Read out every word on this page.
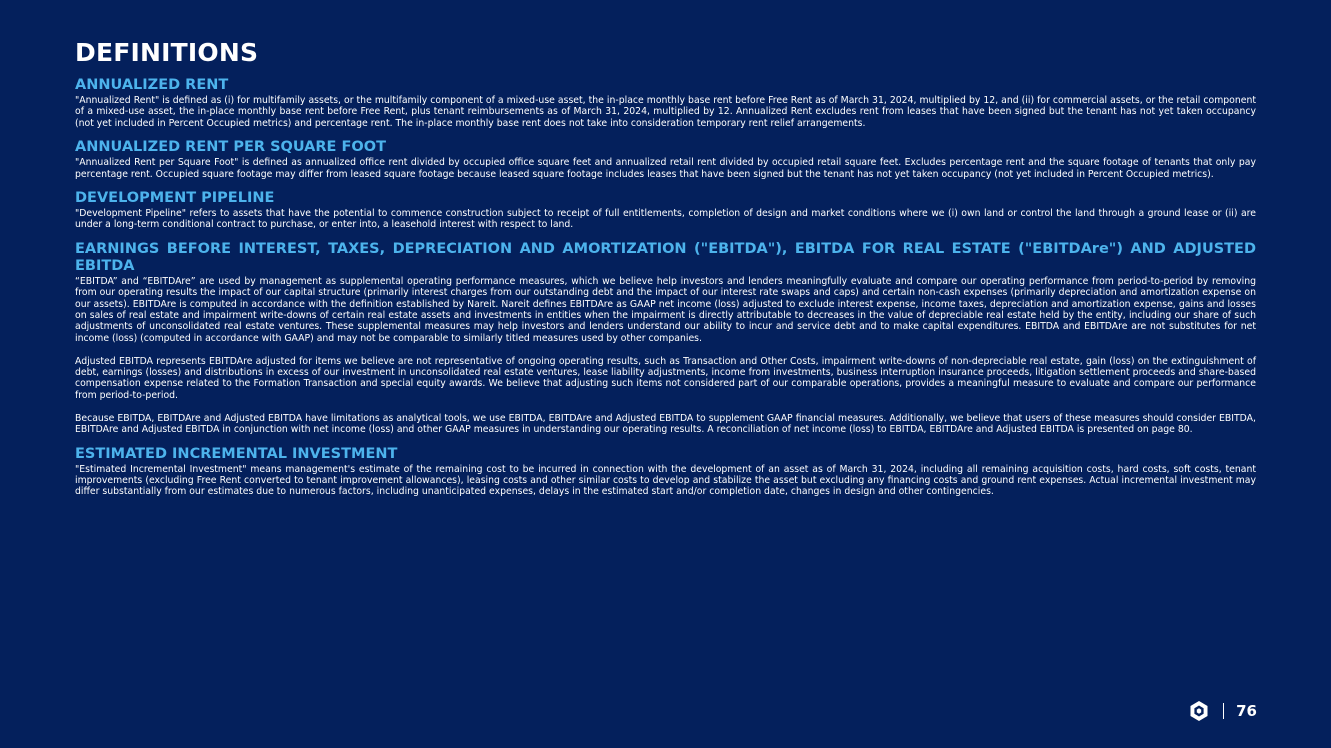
DEFINITIONS
ANNUALIZED RENT

"Annualized Rent" is defined as (i) for multifamily assets, or the multifamily component of a mixed-use asset, the in-place monthly base rent before Free Rent as of March 31, 2024, multiplied by 12, and (ii) for commercial assets, or the retail component of a mixed-use asset, the in-place monthly base rent before Free Rent, plus tenant reimbursements as of March 31, 2024, multiplied by 12. Annualized Rent excludes rent from leases that have been signed but the tenant has not yet taken occupancy (not yet included in Percent Occupied metrics) and percentage rent. The in-place monthly base rent does not take into consideration temporary rent relief arrangements.

ANNUALIZED RENT PER SQUARE FOOT

"Annualized Rent per Square Foot" is defined as annualized office rent divided by occupied office square feet and annualized retail rent divided by occupied retail square feet. Excludes percentage rent and the square footage of tenants that only pay percentage rent. Occupied square footage may differ from leased square footage because leased square footage includes leases that have been signed but the tenant has not yet taken occupancy (not yet included in Percent Occupied metrics).

DEVELOPMENT PIPELINE

"Development Pipeline" refers to assets that have the potential to commence construction subject to receipt of full entitlements, completion of design and market conditions where we (i) own land or control the land through a ground lease or (ii) are under a long-term conditional contract to purchase, or enter into, a leasehold interest with respect to land.

EARNINGS BEFORE INTEREST, TAXES, DEPRECIATION AND AMORTIZATION ("EBITDA"), EBITDA FOR REAL ESTATE ("EBITDAre") AND ADJUSTED EBITDA

“EBITDA” and “EBITDAre” are used by management as supplemental operating performance measures, which we believe help investors and lenders meaningfully evaluate and compare our operating performance from period-to-period by removing from our operating results the impact of our capital structure (primarily interest charges from our outstanding debt and the impact of our interest rate swaps and caps) and certain non-cash expenses (primarily depreciation and amortization expense on our assets). EBITDAre is computed in accordance with the definition established by Nareit. Nareit defines EBITDAre as GAAP net income (loss) adjusted to exclude interest expense, income taxes, depreciation and amortization expense, gains and losses on sales of real estate and impairment write-downs of certain real estate assets and investments in entities when the impairment is directly attributable to decreases in the value of depreciable real estate held by the entity, including our share of such adjustments of unconsolidated real estate ventures. These supplemental measures may help investors and lenders understand our ability to incur and service debt and to make capital expenditures. EBITDA and EBITDAre are not substitutes for net income (loss) (computed in accordance with GAAP) and may not be comparable to similarly titled measures used by other companies.

Adjusted EBITDA represents EBITDAre adjusted for items we believe are not representative of ongoing operating results, such as Transaction and Other Costs, impairment write-downs of non-depreciable real estate, gain (loss) on the extinguishment of debt, earnings (losses) and distributions in excess of our investment in unconsolidated real estate ventures, lease liability adjustments, income from investments, business interruption insurance proceeds, litigation settlement proceeds and share-based compensation expense related to the Formation Transaction and special equity awards. We believe that adjusting such items not considered part of our comparable operations, provides a meaningful measure to evaluate and compare our performance from period-to-period.

Because EBITDA, EBITDAre and Adjusted EBITDA have limitations as analytical tools, we use EBITDA, EBITDAre and Adjusted EBITDA to supplement GAAP financial measures. Additionally, we believe that users of these measures should consider EBITDA, EBITDAre and Adjusted EBITDA in conjunction with net income (loss) and other GAAP measures in understanding our operating results. A reconciliation of net income (loss) to EBITDA, EBITDAre and Adjusted EBITDA is presented on page 80.

ESTIMATED INCREMENTAL INVESTMENT

"Estimated Incremental Investment" means management's estimate of the remaining cost to be incurred in connection with the development of an asset as of March 31, 2024, including all remaining acquisition costs, hard costs, soft costs, tenant improvements (excluding Free Rent converted to tenant improvement allowances), leasing costs and other similar costs to develop and stabilize the asset but excluding any financing costs and ground rent expenses. Actual incremental investment may differ substantially from our estimates due to numerous factors, including unanticipated expenses, delays in the estimated start and/or completion date, changes in design and other contingencies.

76
